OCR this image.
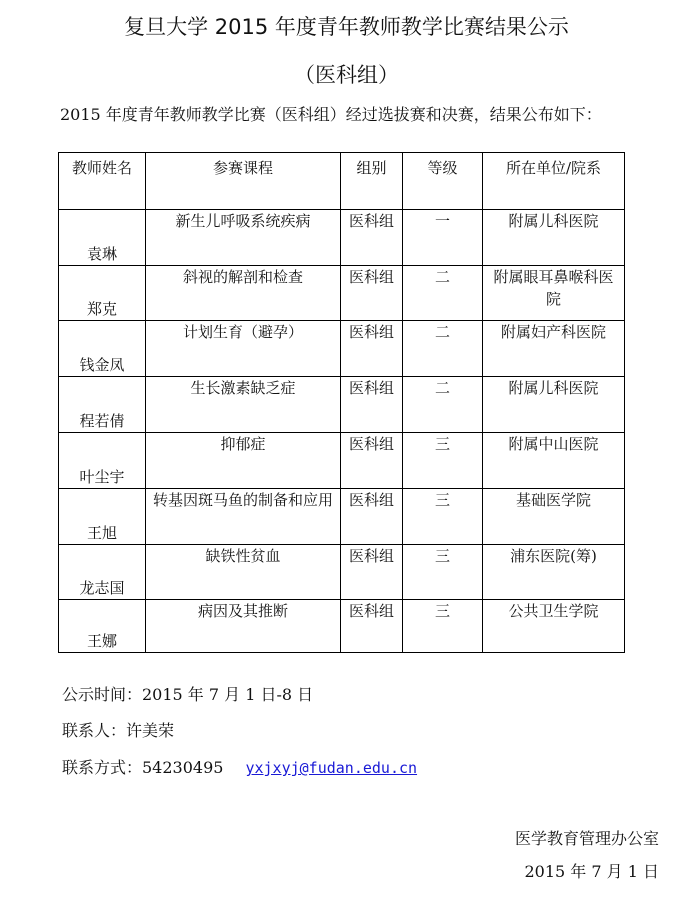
复旦大学 2015 年度青年教师教学比赛结果公示
（医科组）
2015 年度青年教师教学比赛（医科组）经过选拔赛和决赛，结果公布如下：
教师姓名	参赛课程	组别	等级	所在单位/院系
袁琳	新生儿呼吸系统疾病	医科组	一	附属儿科医院
郑克	斜视的解剖和检查	医科组	二	附属眼耳鼻喉科医院
钱金凤	计划生育（避孕）	医科组	二	附属妇产科医院
程若倩	生长激素缺乏症	医科组	二	附属儿科医院
叶尘宇	抑郁症	医科组	三	附属中山医院
王旭	转基因斑马鱼的制备和应用	医科组	三	基础医学院
龙志国	缺铁性贫血	医科组	三	浦东医院(筹)
王娜	病因及其推断	医科组	三	公共卫生学院
公示时间：2015 年 7 月 1 日-8 日
联系人：许美荣
联系方式：54230495 yxjxyj@fudan.edu.cn
医学教育管理办公室
2015 年 7 月 1 日
